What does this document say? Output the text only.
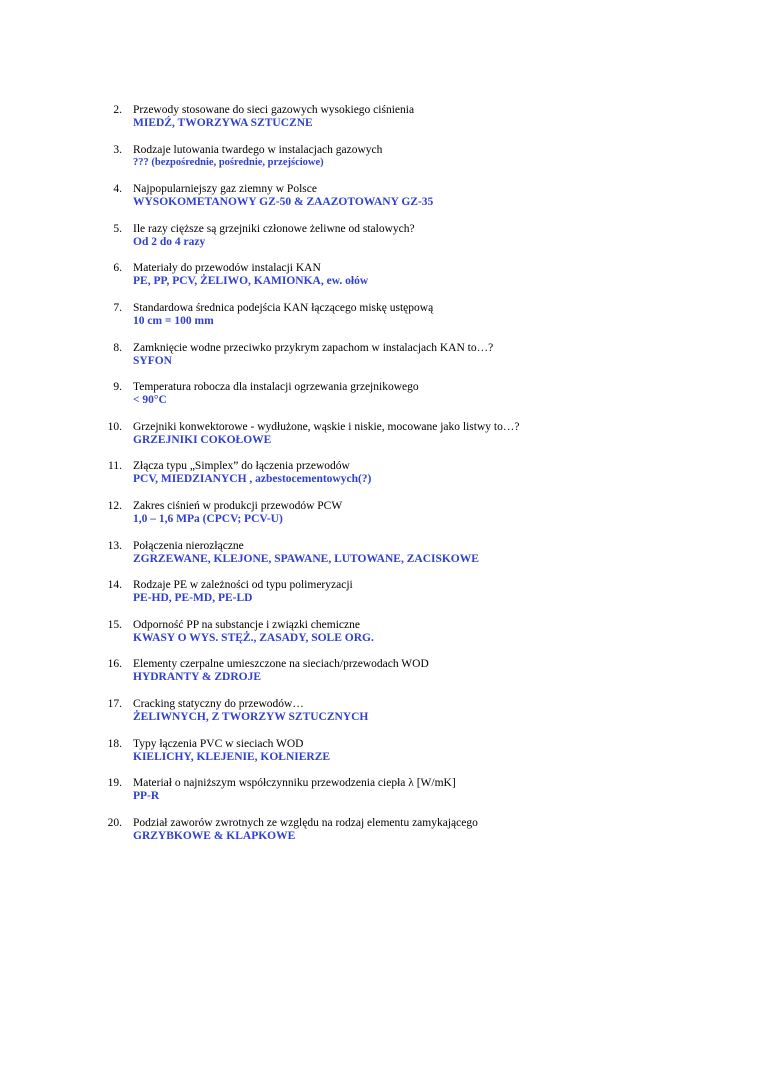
2. Przewody stosowane do sieci gazowych wysokiego ciśnienia
MIEDŹ, TWORZYWA SZTUCZNE
3. Rodzaje lutowania twardego w instalacjach gazowych
??? (bezpośrednie, pośrednie, przejściowe)
4. Najpopularniejszy gaz ziemny w Polsce
WYSOKOMETANOWY GZ-50 & ZAAZOTOWANY GZ-35
5. Ile razy cięższe są grzejniki członowe żeliwne od stalowych?
Od 2 do 4 razy
6. Materiały do przewodów instalacji KAN
PE, PP, PCV, ŻELIWO, KAMIONKA, ew. ołów
7. Standardowa średnica podejścia KAN łączącego miskę ustępową
10 cm = 100 mm
8. Zamknięcie wodne przeciwko przykrym zapachom w instalacjach KAN to…?
SYFON
9. Temperatura robocza dla instalacji ogrzewania grzejnikowego
< 90°C
10. Grzejniki konwektorowe - wydłużone, wąskie i niskie, mocowane jako listwy to…?
GRZEJNIKI COKOŁOWE
11. Złącza typu „Simplex” do łączenia przewodów
PCV, MIEDZIANYCH , azbestocementowych(?)
12. Zakres ciśnień w produkcji przewodów PCW
1,0 – 1,6 MPa (CPCV; PCV-U)
13. Połączenia nierozłączne
ZGRZEWANE, KLEJONE, SPAWANE, LUTOWANE, ZACISKOWE
14. Rodzaje PE w zależności od typu polimeryzacji
PE-HD, PE-MD, PE-LD
15. Odporność PP na substancje i związki chemiczne
KWASY O WYS. STĘŻ., ZASADY, SOLE ORG.
16. Elementy czerpalne umieszczone na sieciach/przewodach WOD
HYDRANTY & ZDROJE
17. Cracking statyczny do przewodów…
ŻELIWNYCH, Z TWORZYW SZTUCZNYCH
18. Typy łączenia PVC w sieciach WOD
KIELICHY, KLEJENIE, KOŁNIERZE
19. Materiał o najniższym współczynniku przewodzenia ciepła λ [W/mK]
PP-R
20. Podział zaworów zwrotnych ze względu na rodzaj elementu zamykającego
GRZYBKOWE & KLAPKOWE
